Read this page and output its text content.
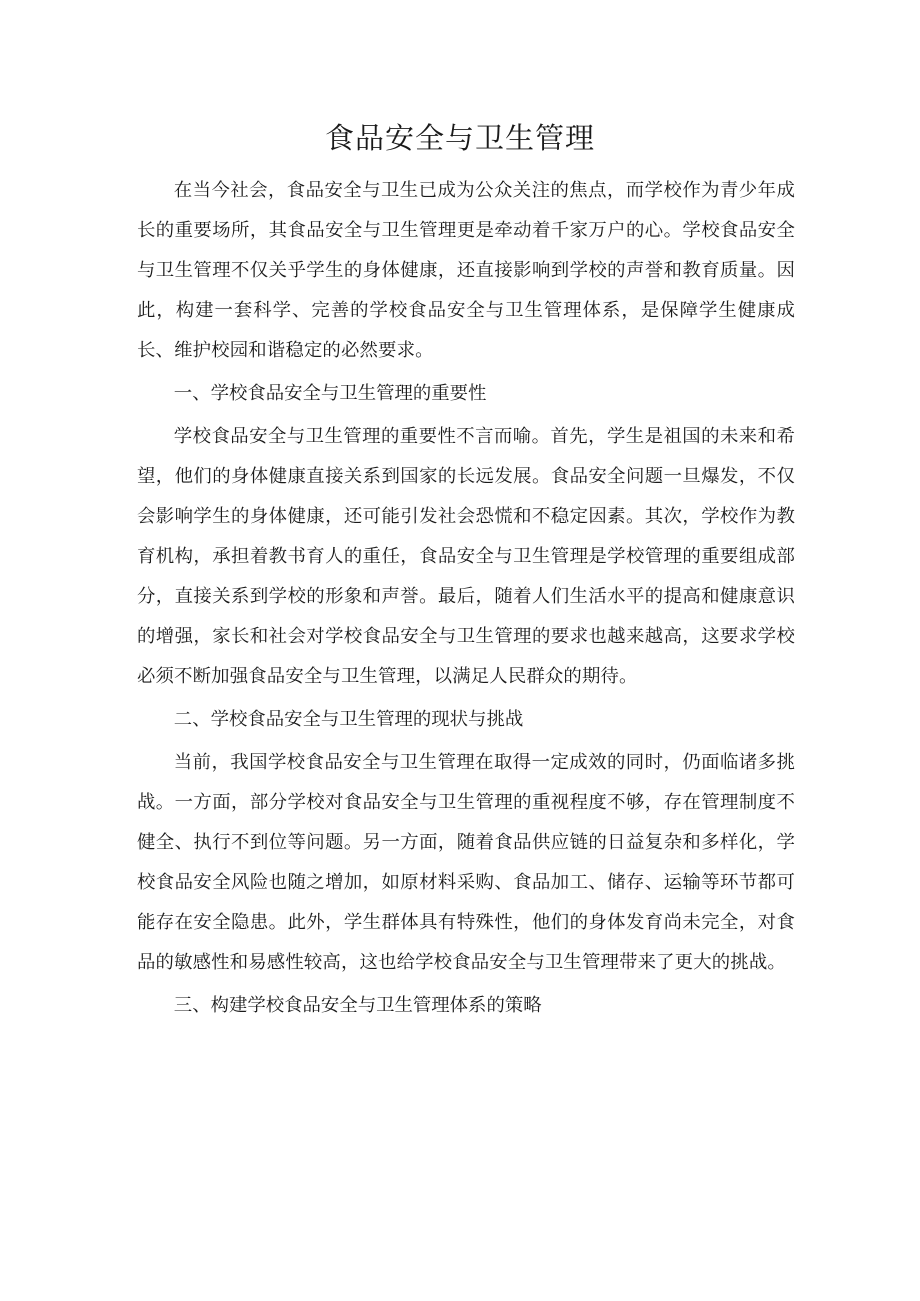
食品安全与卫生管理

在当今社会，食品安全与卫生已成为公众关注的焦点，而学校作为青少年成长的重要场所，其食品安全与卫生管理更是牵动着千家万户的心。学校食品安全与卫生管理不仅关乎学生的身体健康，还直接影响到学校的声誉和教育质量。因此，构建一套科学、完善的学校食品安全与卫生管理体系，是保障学生健康成长、维护校园和谐稳定的必然要求。

一、学校食品安全与卫生管理的重要性

学校食品安全与卫生管理的重要性不言而喻。首先，学生是祖国的未来和希望，他们的身体健康直接关系到国家的长远发展。食品安全问题一旦爆发，不仅会影响学生的身体健康，还可能引发社会恐慌和不稳定因素。其次，学校作为教育机构，承担着教书育人的重任，食品安全与卫生管理是学校管理的重要组成部分，直接关系到学校的形象和声誉。最后，随着人们生活水平的提高和健康意识的增强，家长和社会对学校食品安全与卫生管理的要求也越来越高，这要求学校必须不断加强食品安全与卫生管理，以满足人民群众的期待。

二、学校食品安全与卫生管理的现状与挑战

当前，我国学校食品安全与卫生管理在取得一定成效的同时，仍面临诸多挑战。一方面，部分学校对食品安全与卫生管理的重视程度不够，存在管理制度不健全、执行不到位等问题。另一方面，随着食品供应链的日益复杂和多样化，学校食品安全风险也随之增加，如原材料采购、食品加工、储存、运输等环节都可能存在安全隐患。此外，学生群体具有特殊性，他们的身体发育尚未完全，对食品的敏感性和易感性较高，这也给学校食品安全与卫生管理带来了更大的挑战。

三、构建学校食品安全与卫生管理体系的策略
